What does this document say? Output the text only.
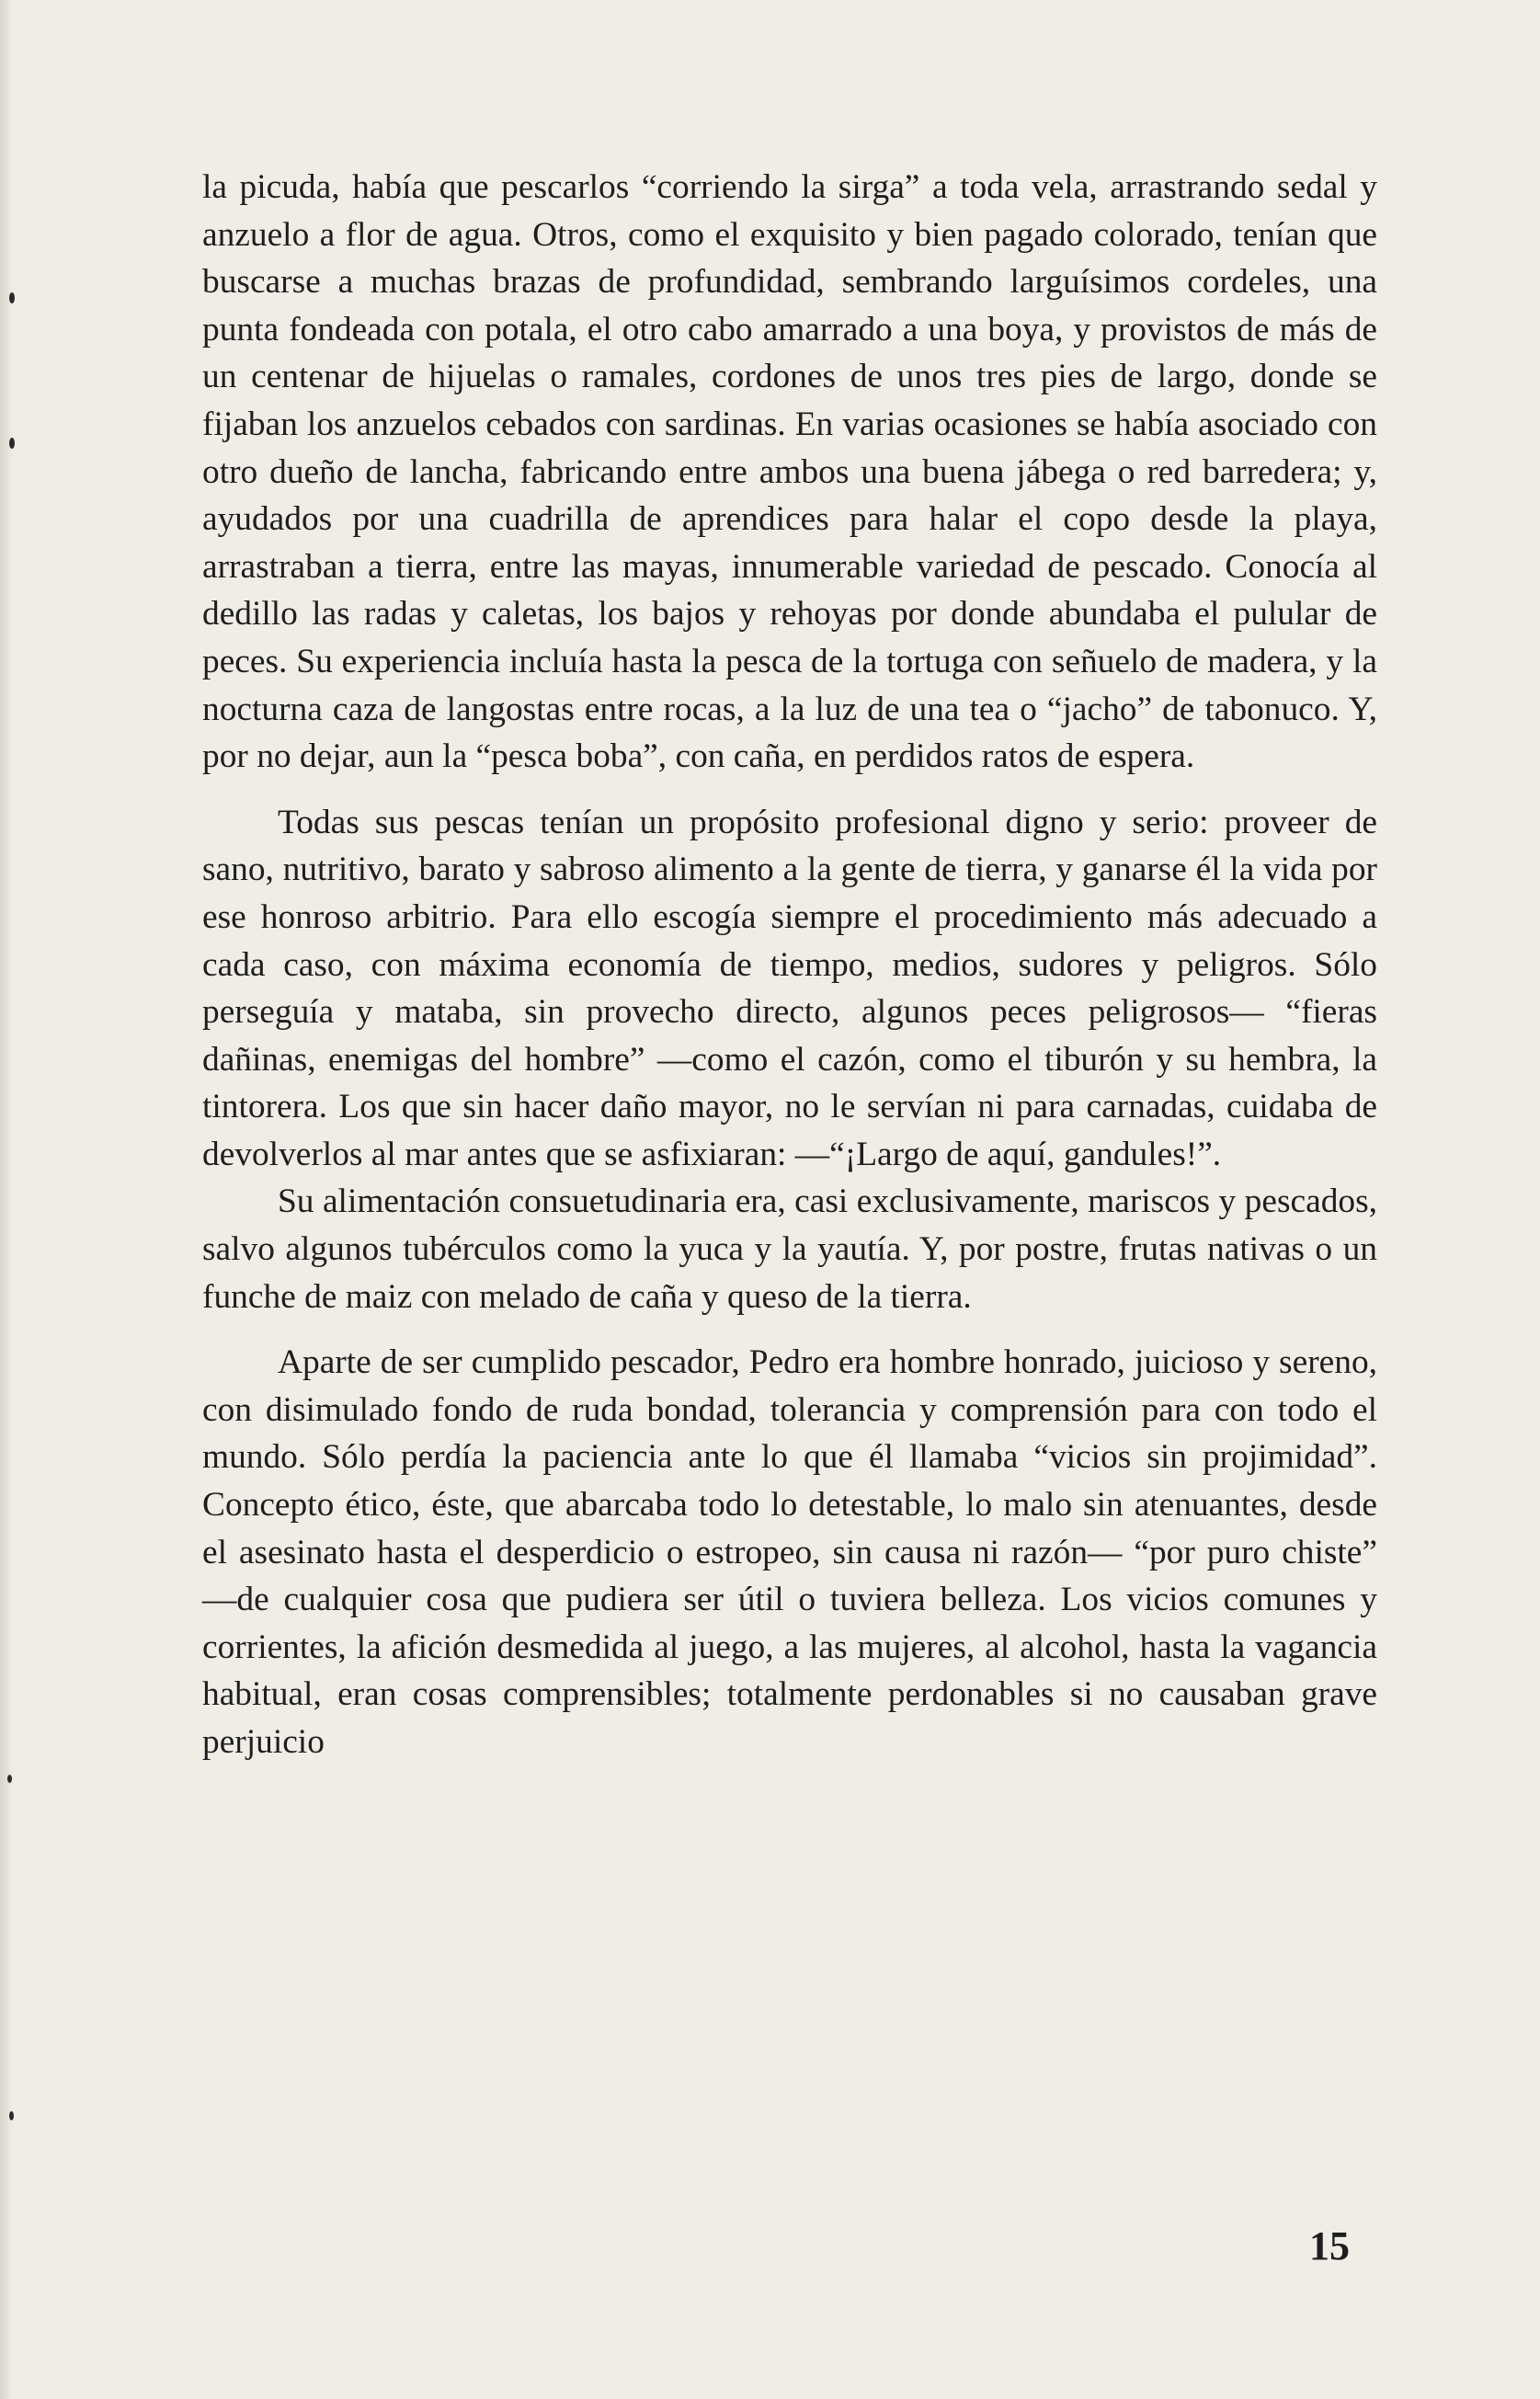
la picuda, había que pescarlos “corriendo la sirga” a toda vela, arrastrando sedal y anzuelo a flor de agua. Otros, como el exquisito y bien pagado colorado, tenían que buscarse a muchas brazas de profundidad, sembrando larguísimos cordeles, una punta fondeada con potala, el otro cabo amarrado a una boya, y provistos de más de un centenar de hijuelas o ramales, cordones de unos tres pies de largo, donde se fijaban los anzuelos cebados con sardinas. En varias ocasiones se había asociado con otro dueño de lancha, fabricando entre ambos una buena jábega o red barredera; y, ayudados por una cuadrilla de aprendices para halar el copo desde la playa, arrastraban a tierra, entre las mayas, innumerable variedad de pescado. Conocía al dedillo las radas y caletas, los bajos y rehoyas por donde abundaba el pulular de peces. Su experiencia incluía hasta la pesca de la tortuga con señuelo de madera, y la nocturna caza de langostas entre rocas, a la luz de una tea o “jacho” de tabonuco. Y, por no dejar, aun la “pesca boba”, con caña, en perdidos ratos de espera.

Todas sus pescas tenían un propósito profesional digno y serio: proveer de sano, nutritivo, barato y sabroso alimento a la gente de tierra, y ganarse él la vida por ese honroso arbitrio. Para ello escogía siempre el procedimiento más adecuado a cada caso, con máxima economía de tiempo, medios, sudores y peligros. Sólo perseguía y mataba, sin provecho directo, algunos peces peligrosos— “fieras dañinas, enemigas del hombre” —como el cazón, como el tiburón y su hembra, la tintorera. Los que sin hacer daño mayor, no le servían ni para carnadas, cuidaba de devolverlos al mar antes que se asfixiaran: —“¡Largo de aquí, gandules!”.

Su alimentación consuetudinaria era, casi exclusivamente, mariscos y pescados, salvo algunos tubérculos como la yuca y la yautía. Y, por postre, frutas nativas o un funche de maiz con melado de caña y queso de la tierra.

Aparte de ser cumplido pescador, Pedro era hombre honrado, juicioso y sereno, con disimulado fondo de ruda bondad, tolerancia y comprensión para con todo el mundo. Sólo perdía la paciencia ante lo que él llamaba “vicios sin projimidad”. Concepto ético, éste, que abarcaba todo lo detestable, lo malo sin atenuantes, desde el asesinato hasta el desperdicio o estropeo, sin causa ni razón— “por puro chiste” —de cualquier cosa que pudiera ser útil o tuviera belleza. Los vicios comunes y corrientes, la afición desmedida al juego, a las mujeres, al alcohol, hasta la vagancia habitual, eran cosas comprensibles; totalmente perdonables si no causaban grave perjuicio

15
